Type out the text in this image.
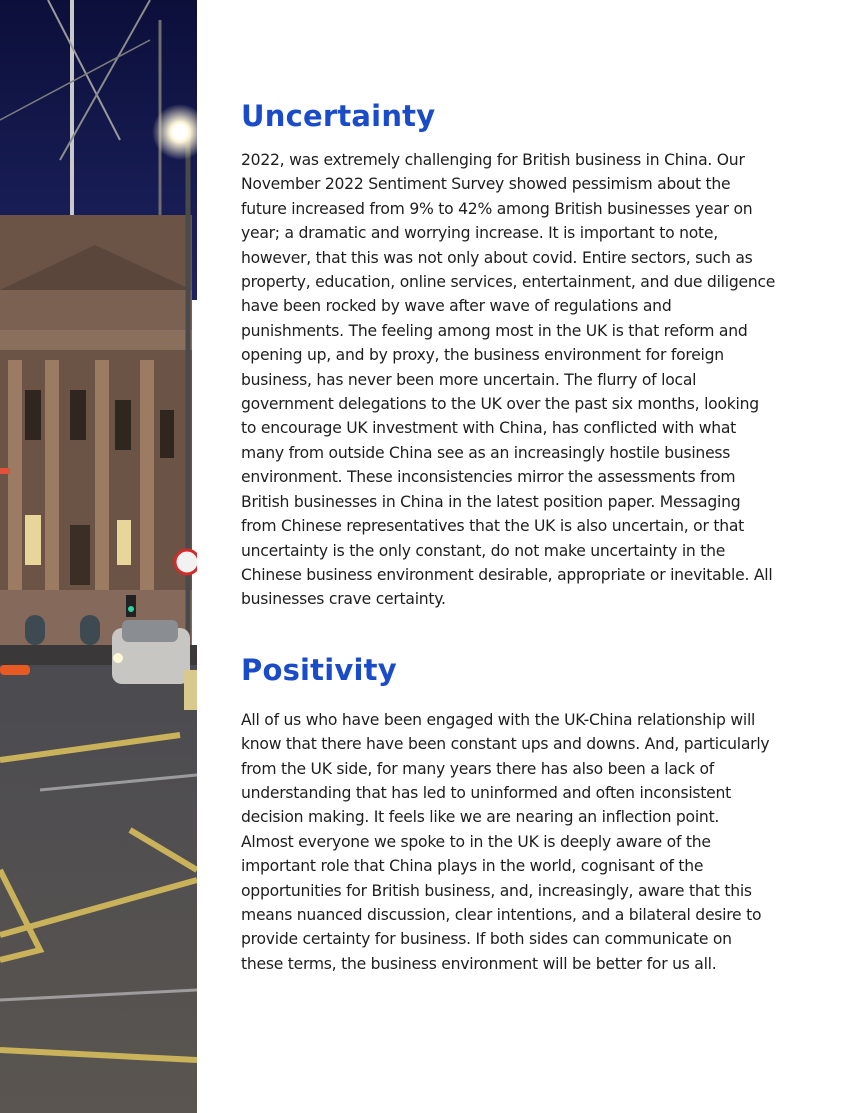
Uncertainty

2022, was extremely challenging for British business in China. Our
November 2022 Sentiment Survey showed pessimism about the
future increased from 9% to 42% among British businesses year on
year; a dramatic and worrying increase. It is important to note,
however, that this was not only about covid. Entire sectors, such as
property, education, online services, entertainment, and due diligence
have been rocked by wave after wave of regulations and
punishments. The feeling among most in the UK is that reform and
opening up, and by proxy, the business environment for foreign
business, has never been more uncertain. The flurry of local
government delegations to the UK over the past six months, looking
to encourage UK investment with China, has conflicted with what
many from outside China see as an increasingly hostile business
environment. These inconsistencies mirror the assessments from
British businesses in China in the latest position paper. Messaging
from Chinese representatives that the UK is also uncertain, or that
uncertainty is the only constant, do not make uncertainty in the
Chinese business environment desirable, appropriate or inevitable. All
businesses crave certainty.

Positivity

All of us who have been engaged with the UK-China relationship will
know that there have been constant ups and downs. And, particularly
from the UK side, for many years there has also been a lack of
understanding that has led to uninformed and often inconsistent
decision making. It feels like we are nearing an inflection point.
Almost everyone we spoke to in the UK is deeply aware of the
important role that China plays in the world, cognisant of the
opportunities for British business, and, increasingly, aware that this
means nuanced discussion, clear intentions, and a bilateral desire to
provide certainty for business. If both sides can communicate on
these terms, the business environment will be better for us all.
